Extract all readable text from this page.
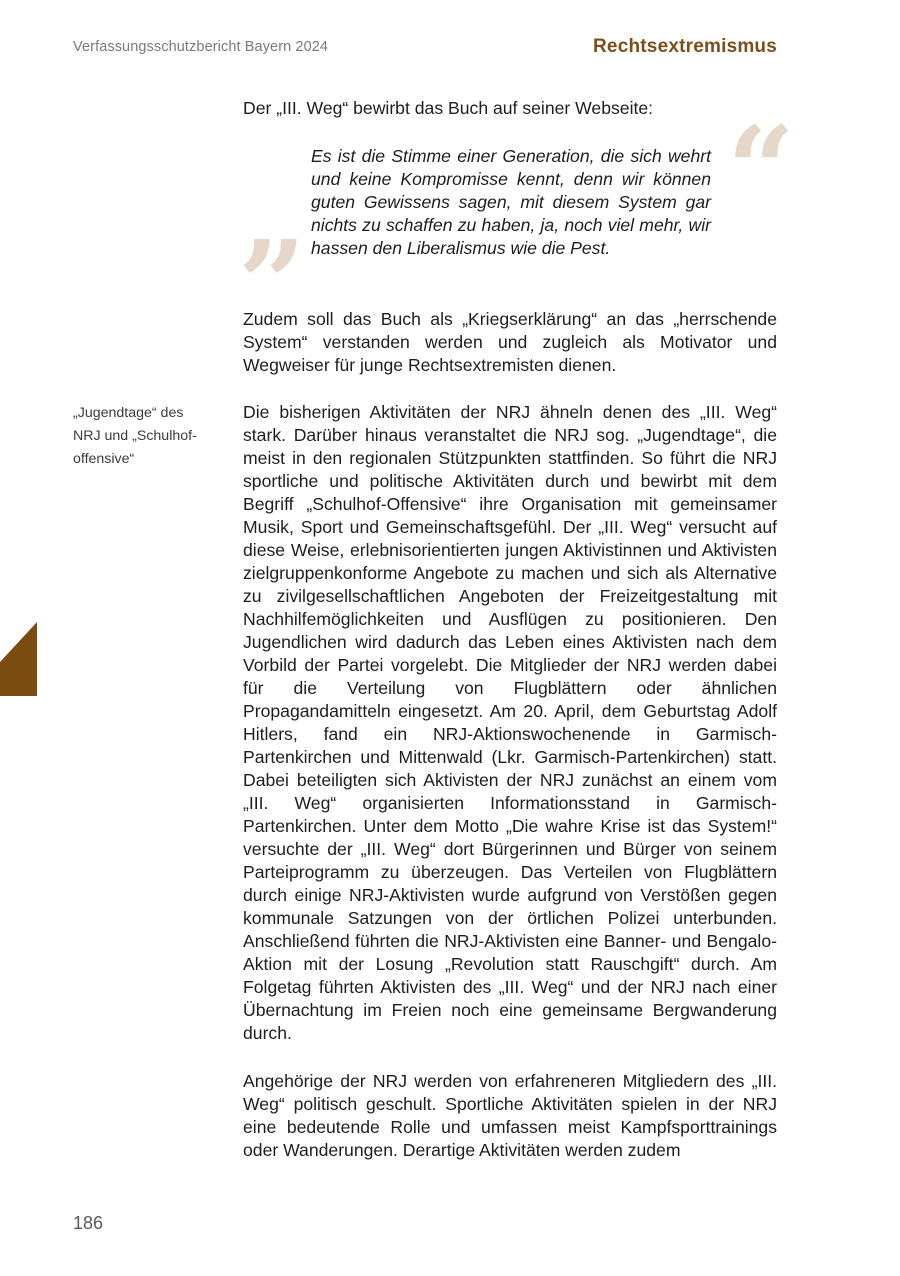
Verfassungsschutzbericht Bayern 2024	Rechtsextremismus

Der „III. Weg“ bewirbt das Buch auf seiner Webseite: “

Es ist die Stimme einer Generation, die sich wehrt und keine Kompromisse kennt, denn wir können guten Gewissens sagen, mit diesem System gar nichts zu schaffen zu haben, ja, noch viel mehr, wir hassen den Liberalismus wie die Pest.

”

Zudem soll das Buch als „Kriegserklärung“ an das „herrschende System“ verstanden werden und zugleich als Motivator und Wegweiser für junge Rechtsextremisten dienen.

„Jugendtage“ des NRJ und „Schulhofoffensive“

Die bisherigen Aktivitäten der NRJ ähneln denen des „III. Weg“ stark. Darüber hinaus veranstaltet die NRJ sog. „Jugendtage“, die meist in den regionalen Stützpunkten stattfinden. So führt die NRJ sportliche und politische Aktivitäten durch und bewirbt mit dem Begriff „Schulhof-Offensive“ ihre Organisation mit gemeinsamer Musik, Sport und Gemeinschaftsgefühl. Der „III. Weg“ versucht auf diese Weise, erlebnisorientierten jungen Aktivistinnen und Aktivisten zielgruppenkonforme Angebote zu machen und sich als Alternative zu zivilgesellschaftlichen Angeboten der Freizeitgestaltung mit Nachhilfemöglichkeiten und Ausflügen zu positionieren. Den Jugendlichen wird dadurch das Leben eines Aktivisten nach dem Vorbild der Partei vorgelebt. Die Mitglieder der NRJ werden dabei für die Verteilung von Flugblättern oder ähnlichen Propagandamitteln eingesetzt. Am 20. April, dem Geburtstag Adolf Hitlers, fand ein NRJ-Aktionswochenende in Garmisch-Partenkirchen und Mittenwald (Lkr. Garmisch-Partenkirchen) statt. Dabei beteiligten sich Aktivisten der NRJ zunächst an einem vom „III. Weg“ organisierten Informationsstand in Garmisch-Partenkirchen. Unter dem Motto „Die wahre Krise ist das System!“ versuchte der „III. Weg“ dort Bürgerinnen und Bürger von seinem Parteiprogramm zu überzeugen. Das Verteilen von Flugblättern durch einige NRJ-Aktivisten wurde aufgrund von Verstößen gegen kommunale Satzungen von der örtlichen Polizei unterbunden. Anschließend führten die NRJ-Aktivisten eine Banner- und Bengalo-Aktion mit der Losung „Revolution statt Rauschgift“ durch. Am Folgetag führten Aktivisten des „III. Weg“ und der NRJ nach einer Übernachtung im Freien noch eine gemeinsame Bergwanderung durch.

Angehörige der NRJ werden von erfahreneren Mitgliedern des „III. Weg“ politisch geschult. Sportliche Aktivitäten spielen in der NRJ eine bedeutende Rolle und umfassen meist Kampfsporttrainings oder Wanderungen. Derartige Aktivitäten werden zudem

186
